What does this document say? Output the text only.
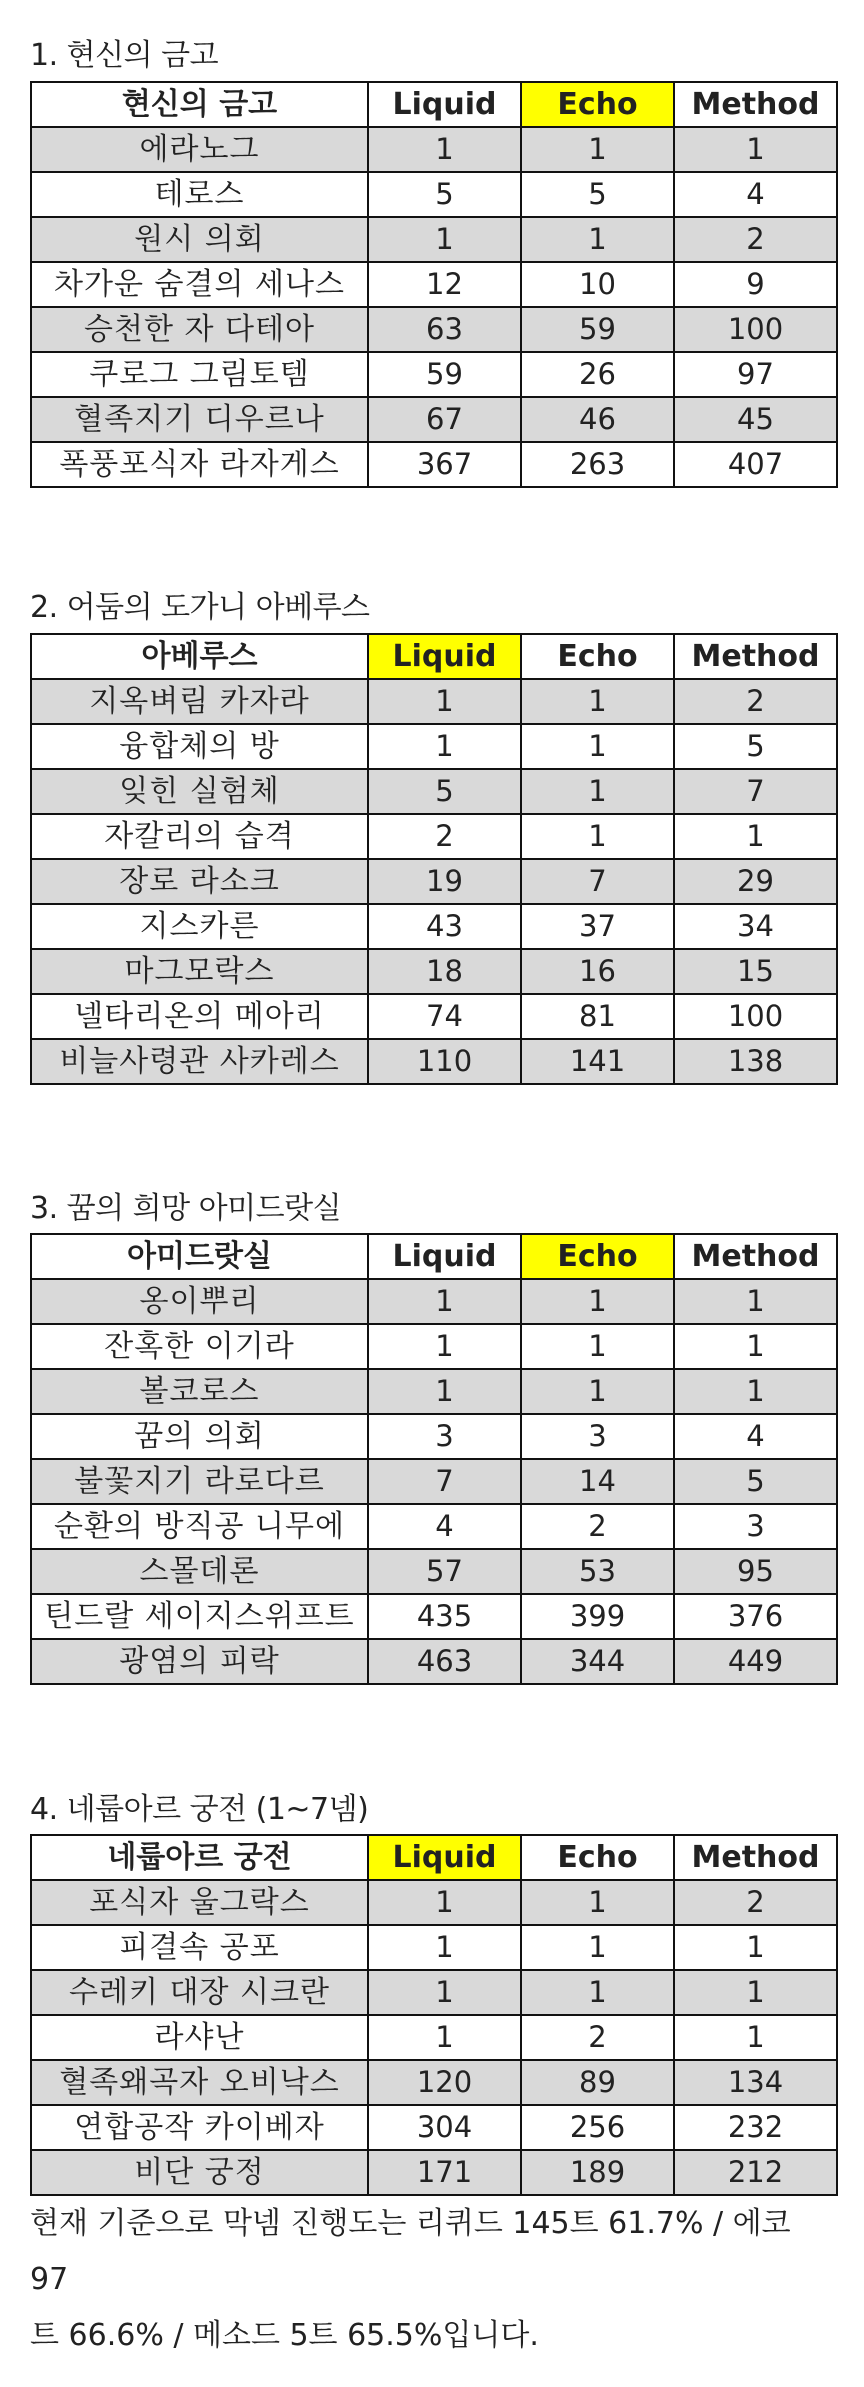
1. 현신의 금고
현신의 금고	Liquid	Echo	Method
에라노그	1	1	1
테로스	5	5	4
원시 의회	1	1	2
차가운 숨결의 세나스	12	10	9
승천한 자 다테아	63	59	100
쿠로그 그림토템	59	26	97
혈족지기 디우르나	67	46	45
폭풍포식자 라자게스	367	263	407
2. 어둠의 도가니 아베루스
아베루스	Liquid	Echo	Method
지옥벼림 카자라	1	1	2
융합체의 방	1	1	5
잊힌 실험체	5	1	7
자칼리의 습격	2	1	1
장로 라소크	19	7	29
지스카른	43	37	34
마그모락스	18	16	15
넬타리온의 메아리	74	81	100
비늘사령관 사카레스	110	141	138
3. 꿈의 희망 아미드랏실
아미드랏실	Liquid	Echo	Method
옹이뿌리	1	1	1
잔혹한 이기라	1	1	1
볼코로스	1	1	1
꿈의 의회	3	3	4
불꽃지기 라로다르	7	14	5
순환의 방직공 니무에	4	2	3
스몰데론	57	53	95
틴드랄 세이지스위프트	435	399	376
광염의 피락	463	344	449
4. 네룹아르 궁전 (1~7넴)
네룹아르 궁전	Liquid	Echo	Method
포식자 울그락스	1	1	2
피결속 공포	1	1	1
수레키 대장 시크란	1	1	1
라샤난	1	2	1
혈족왜곡자 오비낙스	120	89	134
연합공작 카이베자	304	256	232
비단 궁정	171	189	212
현재 기준으로 막넴 진행도는 리퀴드 145트 61.7% / 에코 97
트 66.6% / 메소드 5트 65.5%입니다.
